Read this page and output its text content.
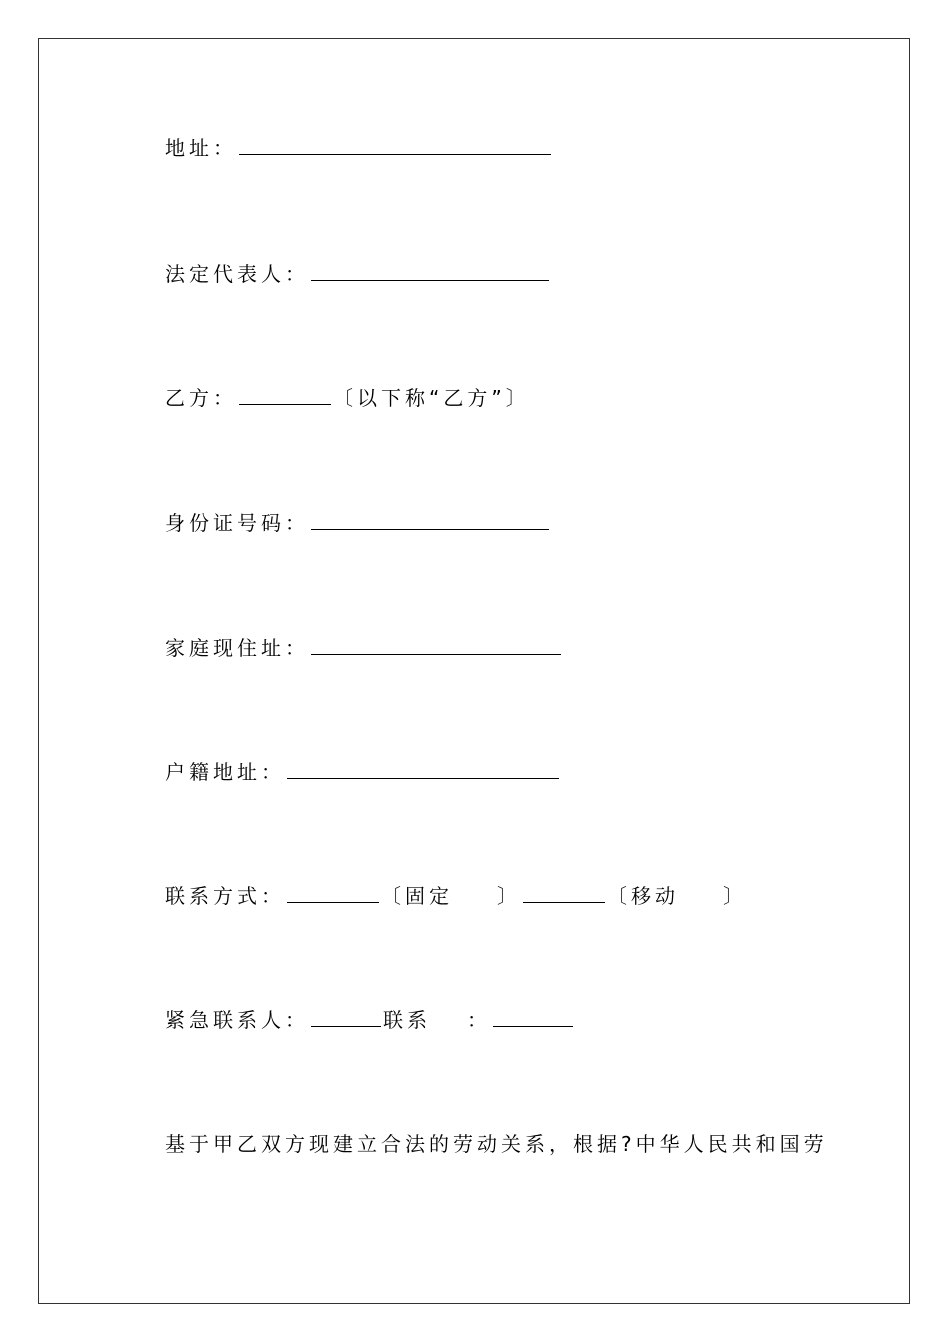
地址：
法定代表人：
乙方：	〔以下称“乙方”〕
身份证号码：
家庭现住址：
户籍地址：
联系方式：	〔固定 〕	〔移动 〕
紧急联系人：	联系 ：
基于甲乙双方现建立合法的劳动关系，根据?中华人民共和国劳
